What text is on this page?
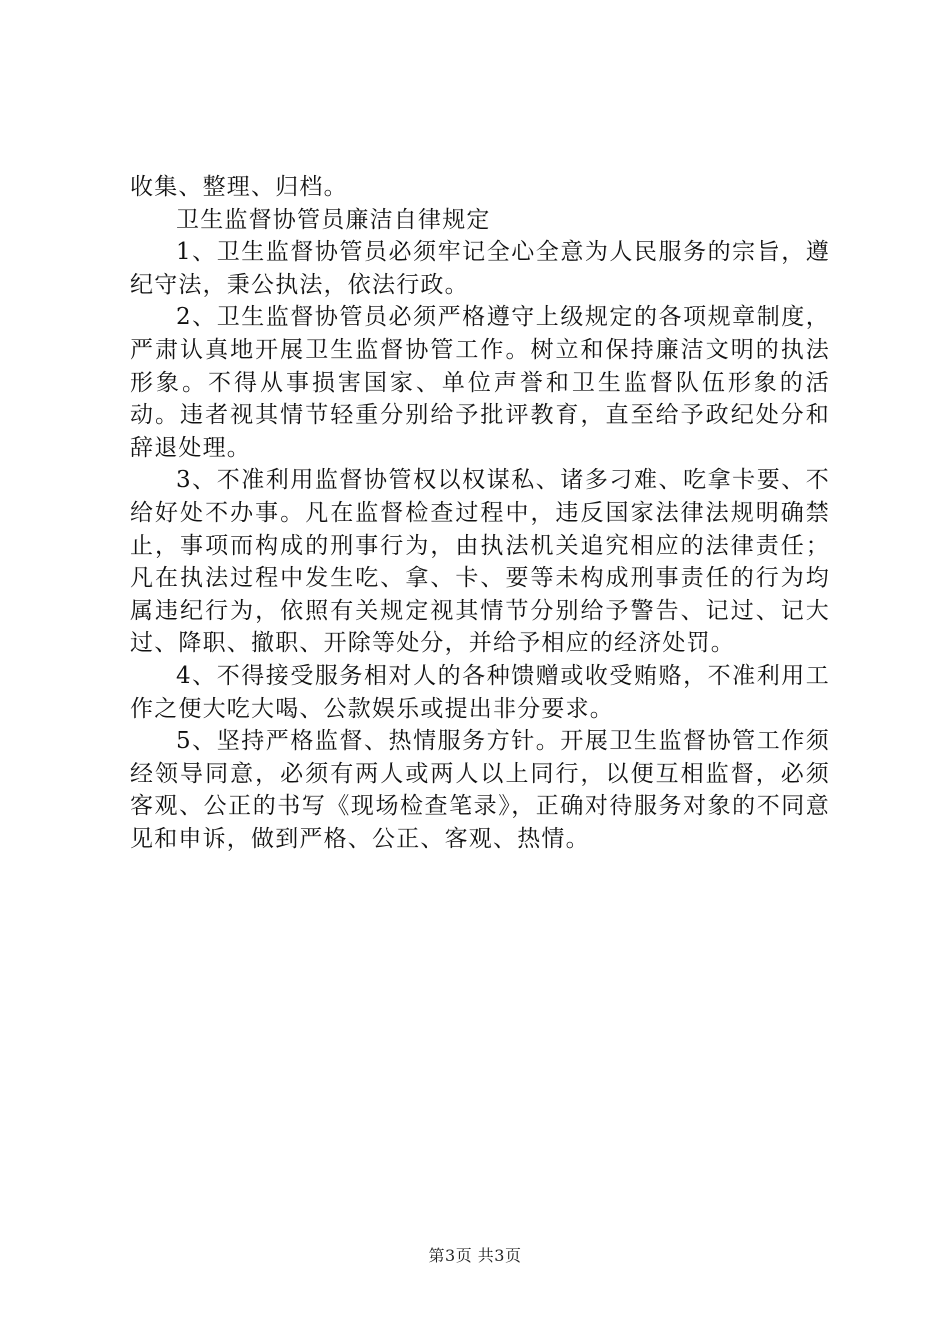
收集、整理、归档。

卫生监督协管员廉洁自律规定

1、卫生监督协管员必须牢记全心全意为人民服务的宗旨，遵纪守法，秉公执法，依法行政。

2、卫生监督协管员必须严格遵守上级规定的各项规章制度，严肃认真地开展卫生监督协管工作。树立和保持廉洁文明的执法形象。不得从事损害国家、单位声誉和卫生监督队伍形象的活动。违者视其情节轻重分别给予批评教育，直至给予政纪处分和辞退处理。

3、不准利用监督协管权以权谋私、诸多刁难、吃拿卡要、不给好处不办事。凡在监督检查过程中，违反国家法律法规明确禁止，事项而构成的刑事行为，由执法机关追究相应的法律责任；凡在执法过程中发生吃、拿、卡、要等未构成刑事责任的行为均属违纪行为，依照有关规定视其情节分别给予警告、记过、记大过、降职、撤职、开除等处分，并给予相应的经济处罚。

4、不得接受服务相对人的各种馈赠或收受贿赂，不准利用工作之便大吃大喝、公款娱乐或提出非分要求。

5、坚持严格监督、热情服务方针。开展卫生监督协管工作须经领导同意，必须有两人或两人以上同行，以便互相监督，必须客观、公正的书写《现场检查笔录》，正确对待服务对象的不同意见和申诉，做到严格、公正、客观、热情。

第3页 共3页
